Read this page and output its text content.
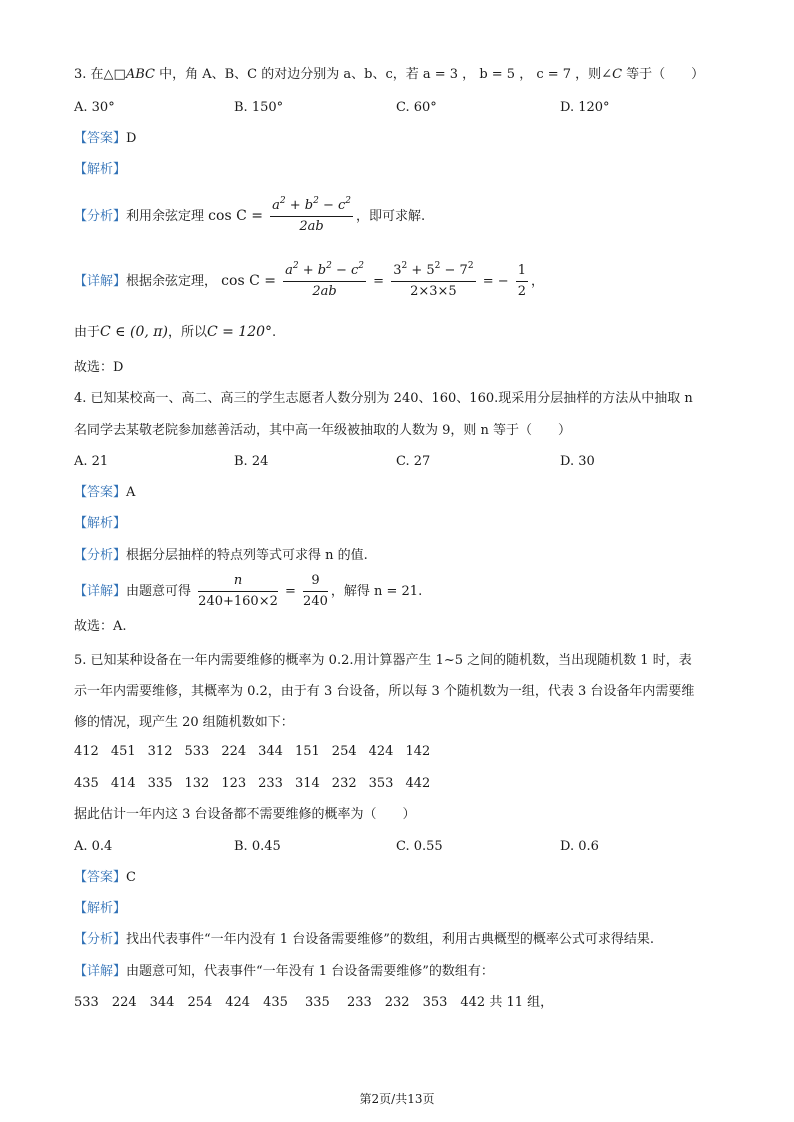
3. 在△□ABC 中，角 A、B、C 的对边分别为 a、b、c，若 a = 3 ， b = 5 ， c = 7 ，则∠C 等于（　　）
A. 30°	B. 150°	C. 60°	D. 120°
【答案】D
【解析】
【分析】利用余弦定理 $\cos C = \frac{a^2 + b^2 - c^2}{2ab}$ ，即可求解.
【详解】根据余弦定理， $\cos C = \frac{a^2 + b^2 - c^2}{2ab} = \frac{3^2 + 5^2 - 7^2}{2\times 3\times 5}$ = − $\frac{1}{2}$ ，
由于C ∈ (0, π)，所以C = 120°.
故选：D
4. 已知某校高一、高二、高三的学生志愿者人数分别为 240、160、160.现采用分层抽样的方法从中抽取 n
名同学去某敬老院参加慈善活动，其中高一年级被抽取的人数为 9，则 n 等于（　　）
A. 21	B. 24	C. 27	D. 30
【答案】A
【解析】
【分析】根据分层抽样的特点列等式可求得 n 的值.
【详解】由题意可得 $\frac{n}{240+160\times 2} = \frac{9}{240}$ ，解得 n = 21.
故选：A.
5. 已知某种设备在一年内需要维修的概率为 0.2.用计算器产生 1~5 之间的随机数，当出现随机数 1 时，表
示一年内需要维修，其概率为 0.2，由于有 3 台设备，所以每 3 个随机数为一组，代表 3 台设备年内需要维
修的情况，现产生 20 组随机数如下：
412 451 312 533 224 344 151 254 424 142
435 414 335 132 123 233 314 232 353 442
据此估计一年内这 3 台设备都不需要维修的概率为（　　）
A. 0.4	B. 0.45	C. 0.55	D. 0.6
【答案】C
【解析】
【分析】找出代表事件“一年内没有 1 台设备需要维修”的数组，利用古典概型的概率公式可求得结果.
【详解】由题意可知，代表事件“一年没有 1 台设备需要维修”的数组有：
533　224　344　254　424　435　 335　 233　232　353　442 共 11 组，
第2页/共13页
